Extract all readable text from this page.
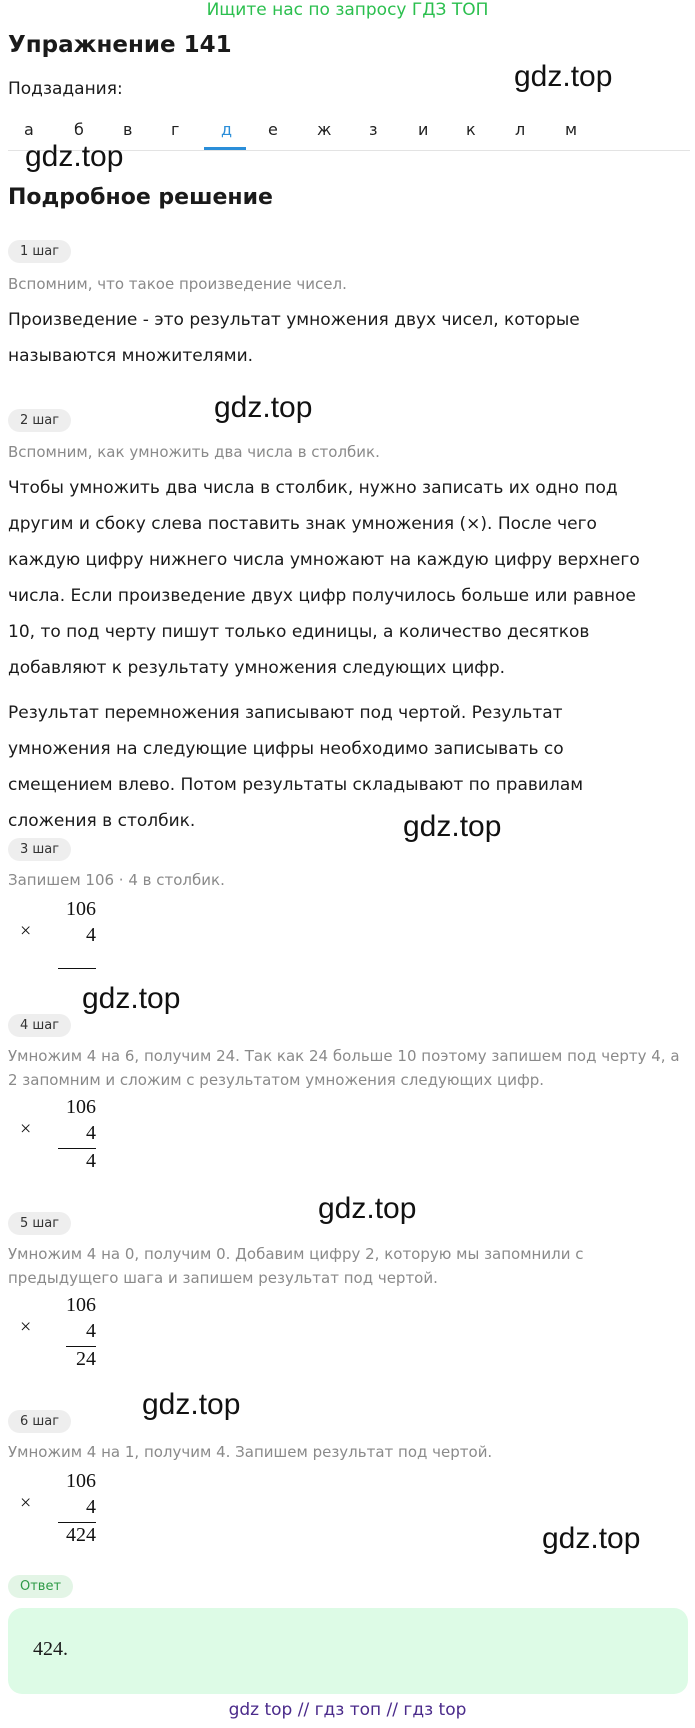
Ищите нас по запросу ГДЗ ТОП
Упражнение 141
Подзадания:	gdz.top
а	б в г	д е ж з	и к л м
gdz.top
Подробное решение
1 шаг
Вспомним, что такое произведение чисел.
Произведение - это результат умножения двух чисел, которые называются множителями.
2 шаг	gdz.top
Вспомним, как умножить два числа в столбик.
Чтобы умножить два числа в столбик, нужно записать их одно под другим и сбоку слева поставить знак умножения (×). После чего каждую цифру нижнего числа умножают на каждую цифру верхнего числа. Если произведение двух цифр получилось больше или равное 10, то под черту пишут только единицы, а количество десятков добавляют к результату умножения следующих цифр.
Результат перемножения записывают под чертой. Результат умножения на следующие цифры необходимо записывать со смещением влево. Потом результаты складывают по правилам сложения в столбик.	gdz.top
3 шаг
Запишем 106 · 4 в столбик.
×
106
4
gdz.top
4 шаг
Умножим 4 на 6, получим 24. Так как 24 больше 10 поэтому запишем под черту 4, а 2 запомним и сложим с результатом умножения следующих цифр.
×
106
4
4
gdz.top
5 шаг
Умножим 4 на 0, получим 0. Добавим цифру 2, которую мы запомнили с предыдущего шага и запишем результат под чертой.
×
106
4
24
gdz.top
6 шаг
Умножим 4 на 1, получим 4. Запишем результат под чертой.
×
106
4
424	gdz.top
Ответ
424.
gdz top // гдз топ // гдз top
